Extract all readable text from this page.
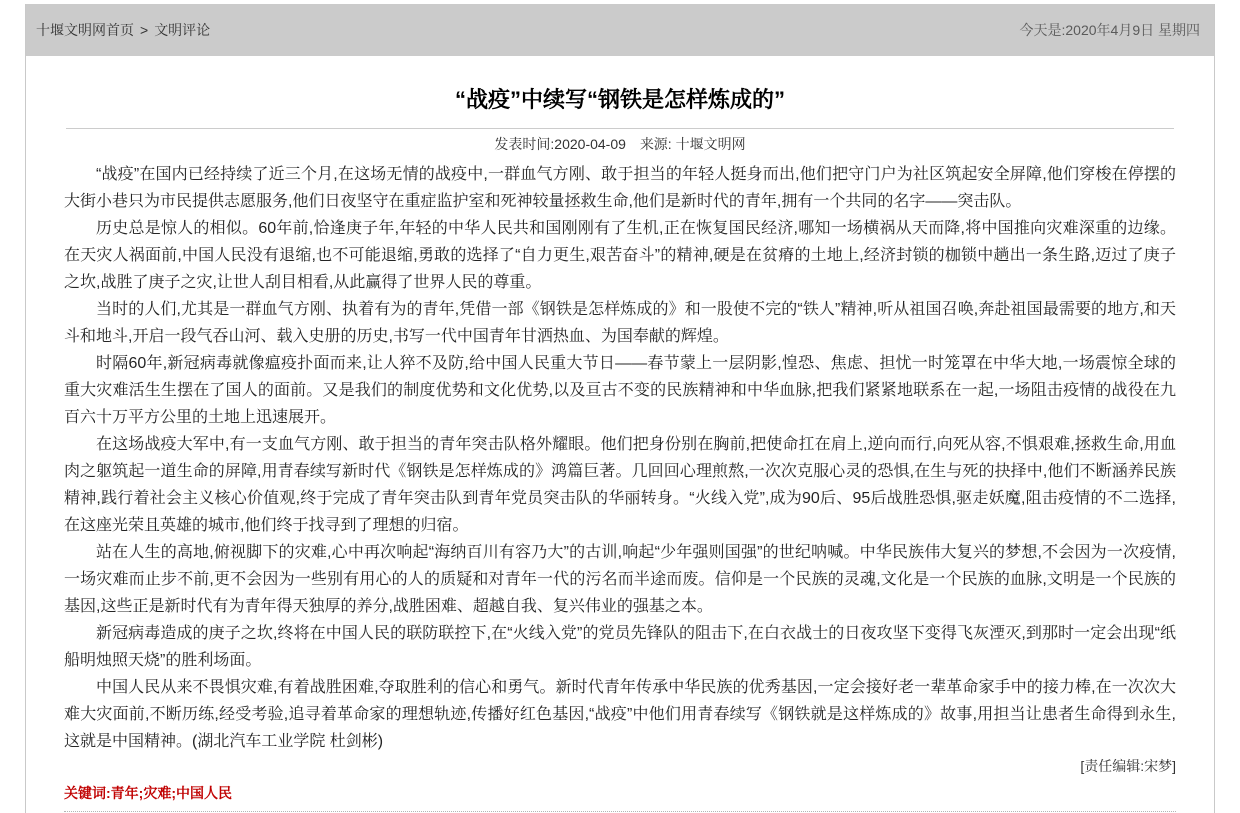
十堰文明网首页 > 文明评论	今天是:2020年4月9日 星期四
“战疫”中续写“钢铁是怎样炼成的”
发表时间:2020-04-09 来源: 十堰文明网

“战疫”在国内已经持续了近三个月,在这场无情的战疫中,一群血气方刚、敢于担当的年轻人挺身而出,他们把守门户为社区筑起安全屏障,他们穿梭在停摆的大街小巷只为市民提供志愿服务,他们日夜坚守在重症监护室和死神较量拯救生命,他们是新时代的青年,拥有一个共同的名字——突击队。

历史总是惊人的相似。60年前,恰逢庚子年,年轻的中华人民共和国刚刚有了生机,正在恢复国民经济,哪知一场横祸从天而降,将中国推向灾难深重的边缘。在天灾人祸面前,中国人民没有退缩,也不可能退缩,勇敢的选择了“自力更生,艰苦奋斗”的精神,硬是在贫瘠的土地上,经济封锁的枷锁中趟出一条生路,迈过了庚子之坎,战胜了庚子之灾,让世人刮目相看,从此赢得了世界人民的尊重。

当时的人们,尤其是一群血气方刚、执着有为的青年,凭借一部《钢铁是怎样炼成的》和一股使不完的“铁人”精神,听从祖国召唤,奔赴祖国最需要的地方,和天斗和地斗,开启一段气吞山河、载入史册的历史,书写一代中国青年甘洒热血、为国奉献的辉煌。

时隔60年,新冠病毒就像瘟疫扑面而来,让人猝不及防,给中国人民重大节日——春节蒙上一层阴影,惶恐、焦虑、担忧一时笼罩在中华大地,一场震惊全球的重大灾难活生生摆在了国人的面前。又是我们的制度优势和文化优势,以及亘古不变的民族精神和中华血脉,把我们紧紧地联系在一起,一场阻击疫情的战役在九百六十万平方公里的土地上迅速展开。

在这场战疫大军中,有一支血气方刚、敢于担当的青年突击队格外耀眼。他们把身份别在胸前,把使命扛在肩上,逆向而行,向死从容,不惧艰难,拯救生命,用血肉之躯筑起一道生命的屏障,用青春续写新时代《钢铁是怎样炼成的》鸿篇巨著。几回回心理煎熬,一次次克服心灵的恐惧,在生与死的抉择中,他们不断涵养民族精神,践行着社会主义核心价值观,终于完成了青年突击队到青年党员突击队的华丽转身。“火线入党”,成为90后、95后战胜恐惧,驱走妖魔,阻击疫情的不二选择,在这座光荣且英雄的城市,他们终于找寻到了理想的归宿。

站在人生的高地,俯视脚下的灾难,心中再次响起“海纳百川有容乃大”的古训,响起“少年强则国强”的世纪呐喊。中华民族伟大复兴的梦想,不会因为一次疫情,一场灾难而止步不前,更不会因为一些别有用心的人的质疑和对青年一代的污名而半途而废。信仰是一个民族的灵魂,文化是一个民族的血脉,文明是一个民族的基因,这些正是新时代有为青年得天独厚的养分,战胜困难、超越自我、复兴伟业的强基之本。

新冠病毒造成的庚子之坎,终将在中国人民的联防联控下,在“火线入党”的党员先锋队的阻击下,在白衣战士的日夜攻坚下变得飞灰湮灭,到那时一定会出现“纸船明烛照天烧”的胜利场面。

中国人民从来不畏惧灾难,有着战胜困难,夺取胜利的信心和勇气。新时代青年传承中华民族的优秀基因,一定会接好老一辈革命家手中的接力棒,在一次次大难大灾面前,不断历练,经受考验,追寻着革命家的理想轨迹,传播好红色基因,“战疫”中他们用青春续写《钢铁就是这样炼成的》故事,用担当让患者生命得到永生,这就是中国精神。(湖北汽车工业学院 杜剑彬)

[责任编辑:宋梦]
关键词:青年;灾难;中国人民
